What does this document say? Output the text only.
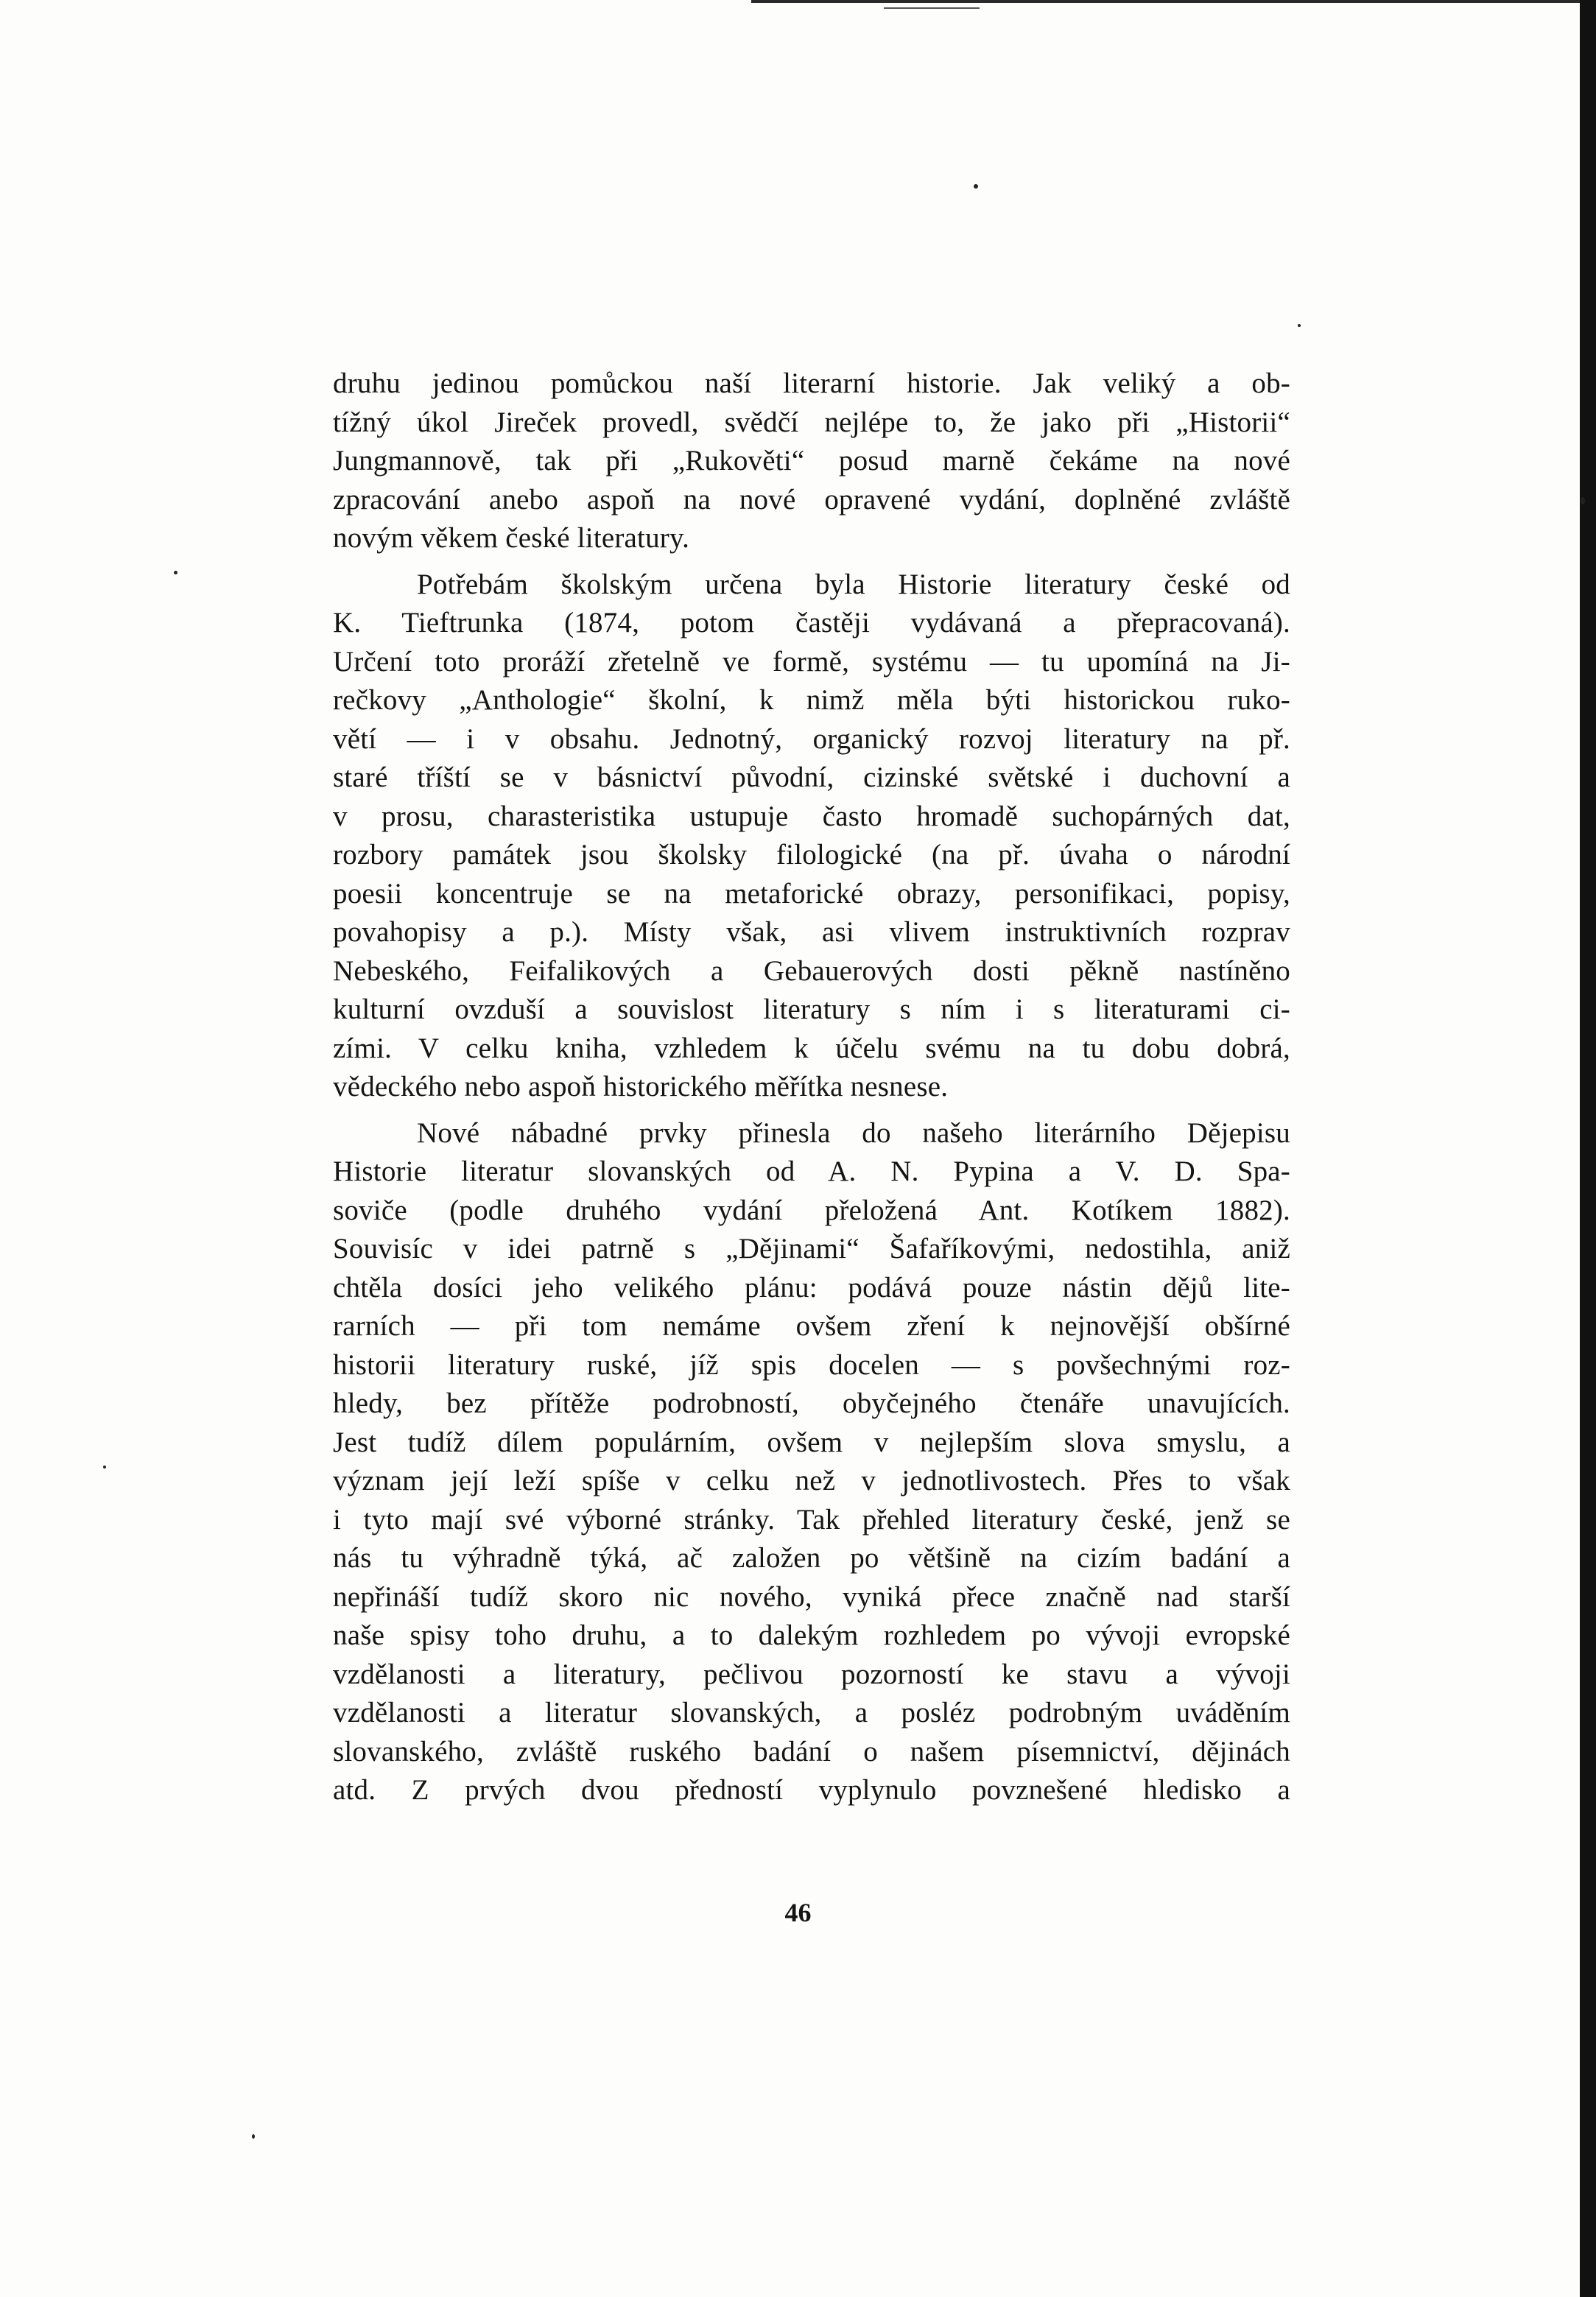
druhu jedinou pomůckou naší literarní historie. Jak veliký a ob-
tížný úkol Jireček provedl, svědčí nejlépe to, že jako při „Historii“
Jungmannově, tak při „Rukověti“ posud marně čekáme na nové
zpracování anebo aspoň na nové opravené vydání, doplněné zvláště
novým věkem české literatury.
Potřebám školským určena byla Historie literatury české od
K. Tieftrunka (1874, potom častěji vydávaná a přepracovaná).
Určení toto proráží zřetelně ve formě, systému — tu upomíná na Ji-
rečkovy „Anthologie“ školní, k nimž měla býti historickou ruko-
větí — i v obsahu. Jednotný, organický rozvoj literatury na př.
staré tříští se v básnictví původní, cizinské světské i duchovní a
v prosu, charasteristika ustupuje často hromadě suchopárných dat,
rozbory památek jsou školsky filologické (na př. úvaha o národní
poesii koncentruje se na metaforické obrazy, personifikaci, popisy,
povahopisy a p.). Místy však, asi vlivem instruktivních rozprav
Nebeského, Feifalikových a Gebauerových dosti pěkně nastíněno
kulturní ovzduší a souvislost literatury s ním i s literaturami ci-
zími. V celku kniha, vzhledem k účelu svému na tu dobu dobrá,
vědeckého nebo aspoň historického měřítka nesnese.
Nové nábadné prvky přinesla do našeho literárního Dějepisu
Historie literatur slovanských od A. N. Pypina a V. D. Spa-
soviče (podle druhého vydání přeložená Ant. Kotíkem 1882).
Souvisíc v idei patrně s „Dějinami“ Šafaříkovými, nedostihla, aniž
chtěla dosíci jeho velikého plánu: podává pouze nástin dějů lite-
rarních — při tom nemáme ovšem zření k nejnovější obšírné
historii literatury ruské, jíž spis docelen — s povšechnými roz-
hledy, bez přítěže podrobností, obyčejného čtenáře unavujících.
Jest tudíž dílem populárním, ovšem v nejlepším slova smyslu, a
význam její leží spíše v celku než v jednotlivostech. Přes to však
i tyto mají své výborné stránky. Tak přehled literatury české, jenž se
nás tu výhradně týká, ač založen po většině na cizím badání a
nepřináší tudíž skoro nic nového, vyniká přece značně nad starší
naše spisy toho druhu, a to dalekým rozhledem po vývoji evropské
vzdělanosti a literatury, pečlivou pozorností ke stavu a vývoji
vzdělanosti a literatur slovanských, a posléz podrobným uváděním
slovanského, zvláště ruského badání o našem písemnictví, dějinách
atd. Z prvých dvou předností vyplynulo povznešené hledisko a
46
